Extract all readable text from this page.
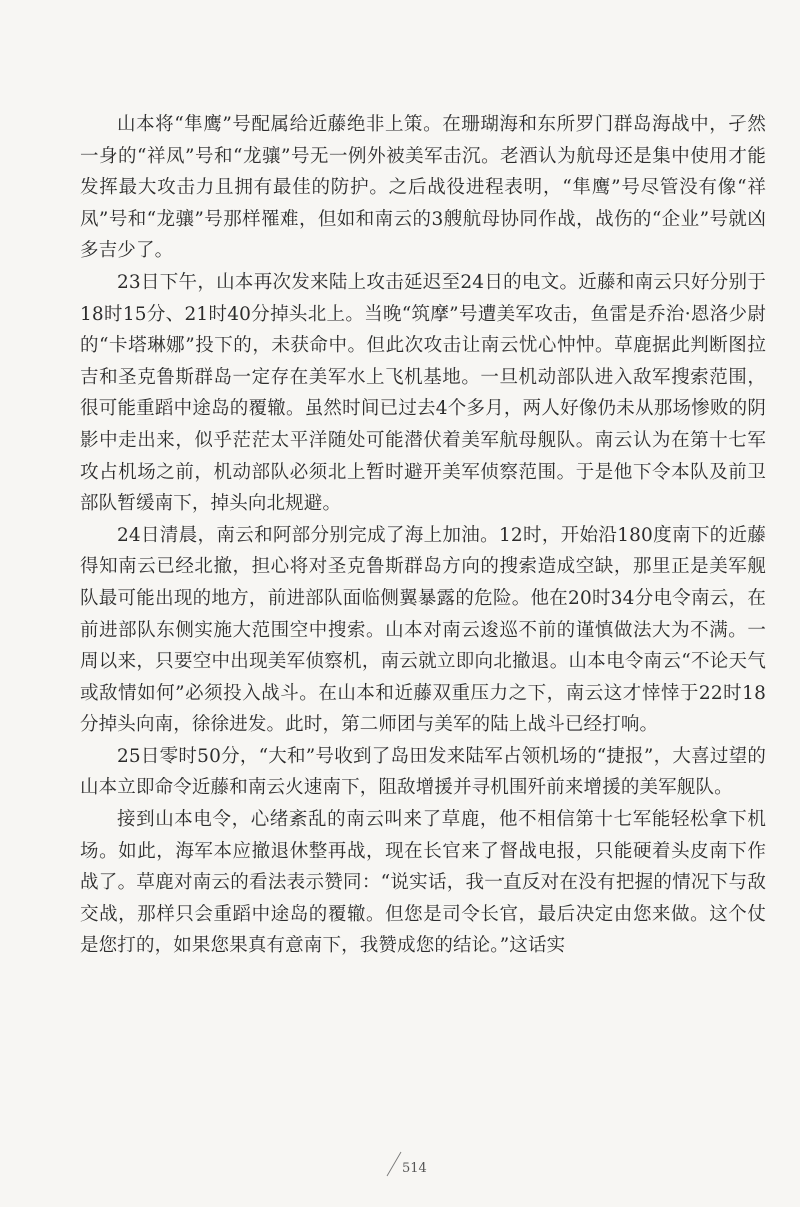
山本将“隼鹰”号配属给近藤绝非上策。在珊瑚海和东所罗门群岛海战中，孑然一身的“祥凤”号和“龙骧”号无一例外被美军击沉。老酒认为航母还是集中使用才能发挥最大攻击力且拥有最佳的防护。之后战役进程表明，“隼鹰”号尽管没有像“祥凤”号和“龙骧”号那样罹难，但如和南云的3艘航母协同作战，战伤的“企业”号就凶多吉少了。

23日下午，山本再次发来陆上攻击延迟至24日的电文。近藤和南云只好分别于18时15分、21时40分掉头北上。当晚“筑摩”号遭美军攻击，鱼雷是乔治·恩洛少尉的“卡塔琳娜”投下的，未获命中。但此次攻击让南云忧心忡忡。草鹿据此判断图拉吉和圣克鲁斯群岛一定存在美军水上飞机基地。一旦机动部队进入敌军搜索范围，很可能重蹈中途岛的覆辙。虽然时间已过去4个多月，两人好像仍未从那场惨败的阴影中走出来，似乎茫茫太平洋随处可能潜伏着美军航母舰队。南云认为在第十七军攻占机场之前，机动部队必须北上暂时避开美军侦察范围。于是他下令本队及前卫部队暂缓南下，掉头向北规避。

24日清晨，南云和阿部分别完成了海上加油。12时，开始沿180度南下的近藤得知南云已经北撤，担心将对圣克鲁斯群岛方向的搜索造成空缺，那里正是美军舰队最可能出现的地方，前进部队面临侧翼暴露的危险。他在20时34分电令南云，在前进部队东侧实施大范围空中搜索。山本对南云逡巡不前的谨慎做法大为不满。一周以来，只要空中出现美军侦察机，南云就立即向北撤退。山本电令南云“不论天气或敌情如何”必须投入战斗。在山本和近藤双重压力之下，南云这才悻悻于22时18分掉头向南，徐徐进发。此时，第二师团与美军的陆上战斗已经打响。

25日零时50分，“大和”号收到了岛田发来陆军占领机场的“捷报”，大喜过望的山本立即命令近藤和南云火速南下，阻敌增援并寻机围歼前来增援的美军舰队。

接到山本电令，心绪紊乱的南云叫来了草鹿，他不相信第十七军能轻松拿下机场。如此，海军本应撤退休整再战，现在长官来了督战电报，只能硬着头皮南下作战了。草鹿对南云的看法表示赞同：“说实话，我一直反对在没有把握的情况下与敌交战，那样只会重蹈中途岛的覆辙。但您是司令长官，最后决定由您来做。这个仗是您打的，如果您果真有意南下，我赞成您的结论。”这话实

514
